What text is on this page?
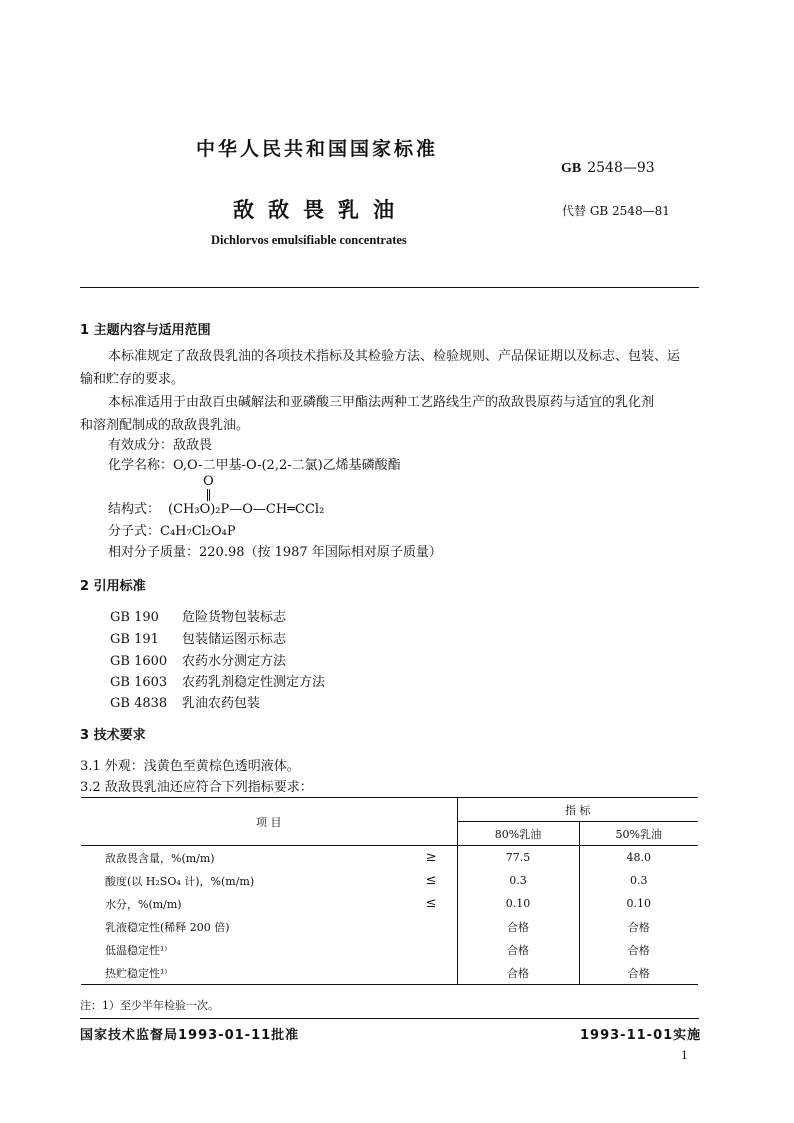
中华人民共和国国家标准
GB 2548—93
敌敌畏乳油	代替 GB 2548—81
Dichlorvos emulsifiable concentrates
1 主题内容与适用范围
本标准规定了敌敌畏乳油的各项技术指标及其检验方法、检验规则、产品保证期以及标志、包装、运
输和贮存的要求。
本标准适用于由敌百虫碱解法和亚磷酸三甲酯法两种工艺路线生产的敌敌畏原药与适宜的乳化剂
和溶剂配制成的敌敌畏乳油。
有效成分：敌敌畏
化学名称：O,O-二甲基-O-(2,2-二氯)乙烯基磷酸酯
O
结构式： (CH₃O)₂P—O—CH═CCl₂
分子式：C₄H₇Cl₂O₄P
相对分子质量：220.98（按 1987 年国际相对原子质量）
2 引用标准
GB 190 危险货物包装标志
GB 191 包装储运图示标志
GB 1600 农药水分测定方法
GB 1603 农药乳剂稳定性测定方法
GB 4838 乳油农药包装
3 技术要求
3.1 外观：浅黄色至黄棕色透明液体。
3.2 敌敌畏乳油还应符合下列指标要求：
项 目		指 标	
		80%乳油	50%乳油
敌敌畏含量，%(m/m)	≥	77.5	48.0
酸度(以 H₂SO₄ 计)，%(m/m)	≤	0.3	0.3
水分，%(m/m)	≤	0.10	0.10
乳液稳定性(稀释 200 倍)		合格	合格
低温稳定性¹⁾		合格	合格
热贮稳定性¹⁾		合格	合格
注：1）至少半年检验一次。
国家技术监督局1993-01-11批准	1993-11-01实施
1
